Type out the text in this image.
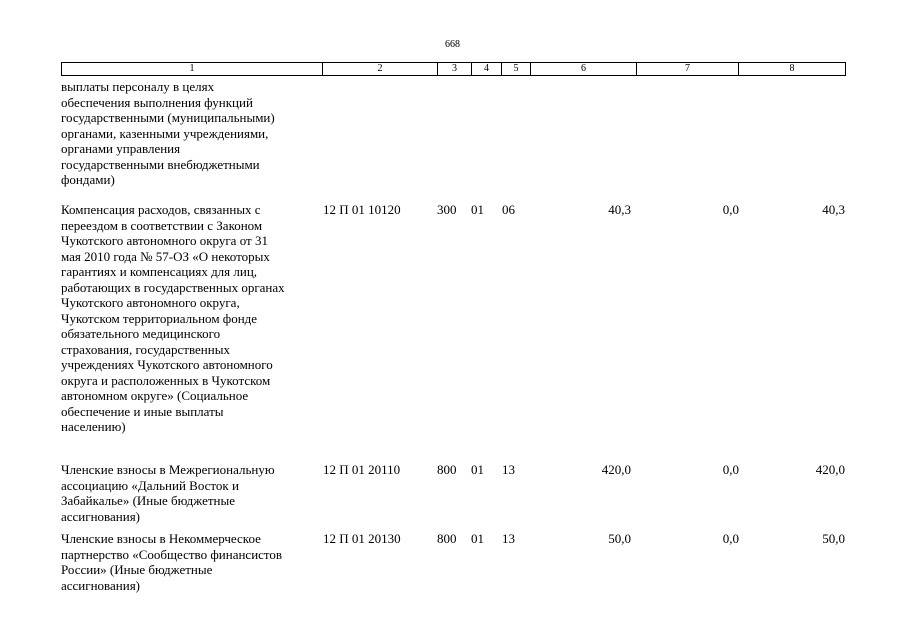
668
1	2	3	4	5	6	7	8
выплаты персоналу в целях
обеспечения выполнения функций
государственными (муниципальными)
органами, казенными учреждениями,
органами управления
государственными внебюджетными
фондами)
Компенсация расходов, связанных с
переездом в соответствии с Законом
Чукотского автономного округа от 31
мая 2010 года № 57-ОЗ «О некоторых
гарантиях и компенсациях для лиц,
работающих в государственных органах
Чукотского автономного округа,
Чукотском территориальном фонде
обязательного медицинского
страхования, государственных
учреждениях Чукотского автономного
округа и расположенных в Чукотском
автономном округе» (Социальное
обеспечение и иные выплаты
населению)
12 П 01 10120	300 01 06	40,3	0,0	40,3
Членские взносы в Межрегиональную
ассоциацию «Дальний Восток и
Забайкалье» (Иные бюджетные
ассигнования)
12 П 01 20110	800 01 13	420,0	0,0	420,0
Членские взносы в Некоммерческое
партнерство «Сообщество финансистов
России» (Иные бюджетные
ассигнования)
12 П 01 20130	800 01 13	50,0	0,0	50,0
